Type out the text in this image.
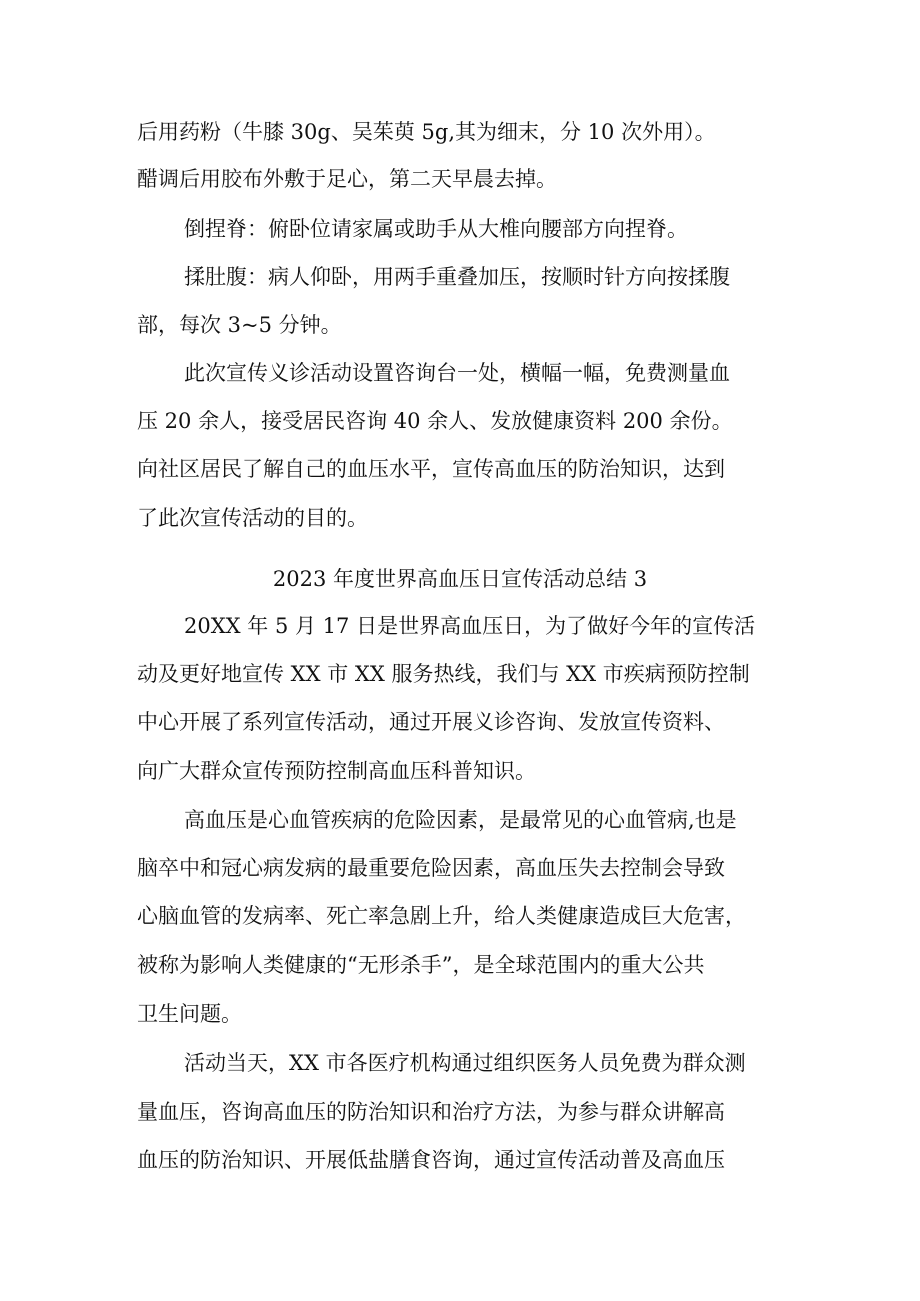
后用药粉（牛膝 30g、吴茱萸 5g,其为细末，分 10 次外用）。
醋调后用胶布外敷于足心，第二天早晨去掉。
倒捏脊：俯卧位请家属或助手从大椎向腰部方向捏脊。
揉肚腹：病人仰卧，用两手重叠加压，按顺时针方向按揉腹
部，每次 3~5 分钟。
此次宣传义诊活动设置咨询台一处，横幅一幅，免费测量血
压 20 余人，接受居民咨询 40 余人、发放健康资料 200 余份。
向社区居民了解自己的血压水平，宣传高血压的防治知识，达到
了此次宣传活动的目的。
2023 年度世界高血压日宣传活动总结 3
20XX 年 5 月 17 日是世界高血压日，为了做好今年的宣传活
动及更好地宣传 XX 市 XX 服务热线，我们与 XX 市疾病预防控制
中心开展了系列宣传活动，通过开展义诊咨询、发放宣传资料、
向广大群众宣传预防控制高血压科普知识。
高血压是心血管疾病的危险因素，是最常见的心血管病,也是
脑卒中和冠心病发病的最重要危险因素，高血压失去控制会导致
心脑血管的发病率、死亡率急剧上升，给人类健康造成巨大危害，
被称为影响人类健康的“无形杀手”，是全球范围内的重大公共
卫生问题。
活动当天，XX 市各医疗机构通过组织医务人员免费为群众测
量血压，咨询高血压的防治知识和治疗方法，为参与群众讲解高
血压的防治知识、开展低盐膳食咨询，通过宣传活动普及高血压
